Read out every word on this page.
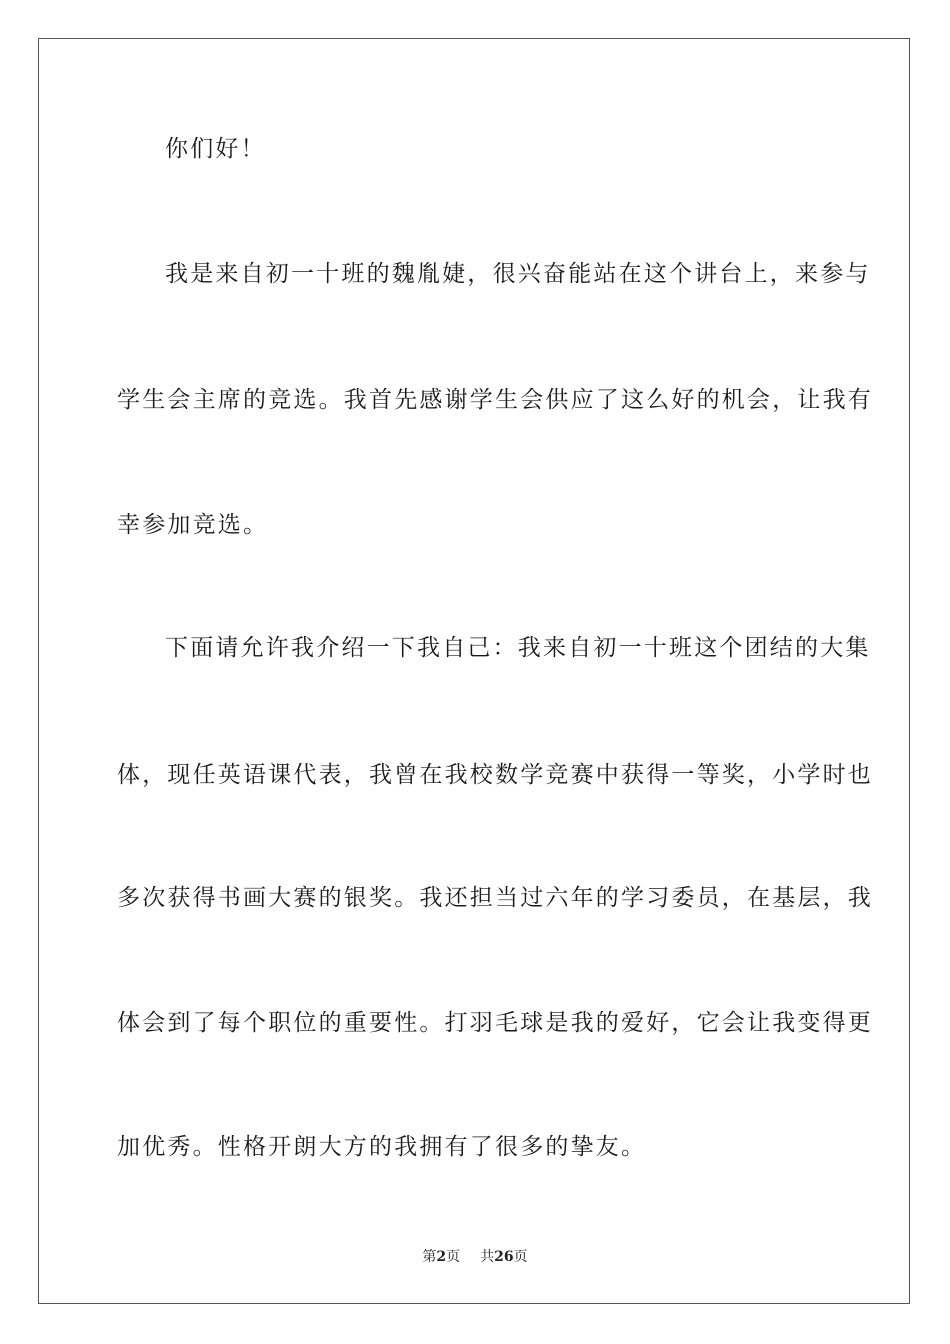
你们好！
我是来自初一十班的魏胤婕，很兴奋能站在这个讲台上，来参与
学生会主席的竞选。我首先感谢学生会供应了这么好的机会，让我有
幸参加竞选。
下面请允许我介绍一下我自己：我来自初一十班这个团结的大集
体，现任英语课代表，我曾在我校数学竞赛中获得一等奖，小学时也
多次获得书画大赛的银奖。我还担当过六年的学习委员，在基层，我
体会到了每个职位的重要性。打羽毛球是我的爱好，它会让我变得更
加优秀。性格开朗大方的我拥有了很多的挚友。
第2页 共26页
